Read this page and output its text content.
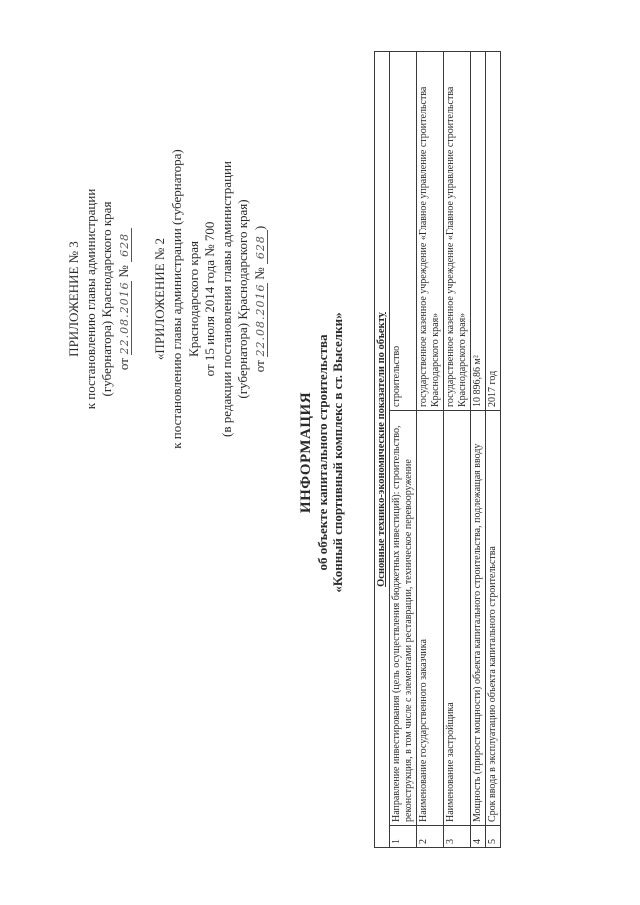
ПРИЛОЖЕНИЕ № 3 к постановлению главы администрации (губернатора) Краснодарского края от 22.08.2016 № 628 «ПРИЛОЖЕНИЕ № 2 к постановлению главы администрации (губернатора) Краснодарского края от 15 июля 2014 года № 700 (в редакции постановления главы администрации (губернатора) Краснодарского края) от 22.08.2016 № 628)
ИНФОРМАЦИЯ об объекте капитального строительства «Конный спортивный комплекс в ст. Выселки»	Основные технико-экономические показатели по объекту		
1	Направление инвестирования (цель осуществления бюджетных инвестиций): строительство, реконструкция, в том числе с элементами реставрации, техническое перевооружение	строительство
2	Наименование государственного заказчика	государственное казенное учреждение «Главное управление строительства Краснодарского края»
3	Наименование застройщика	государственное казенное учреждение «Главное управление строительства Краснодарского края»
4	Мощность (прирост мощности) объекта капитального строительства, подлежащая вводу	10 896,86 м²
5	Срок ввода в эксплуатацию объекта капитального строительства	2017 год
